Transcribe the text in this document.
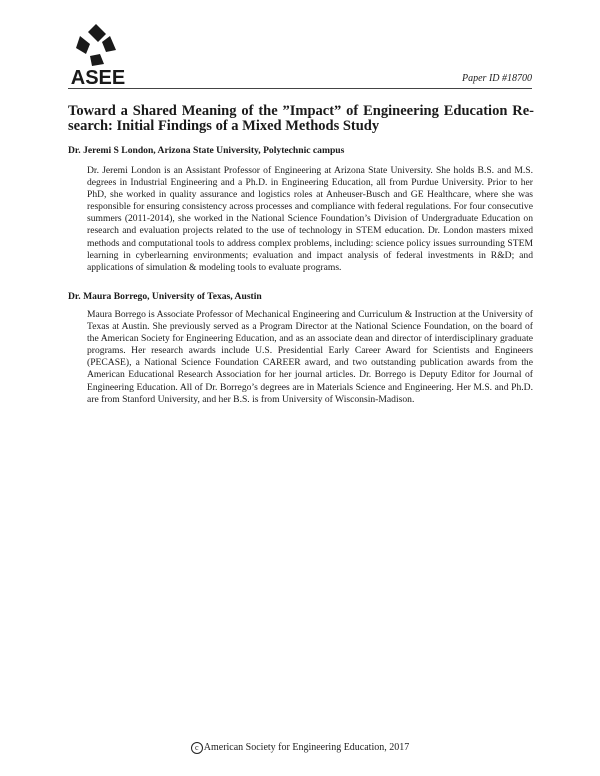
ASEE	Paper ID #18700
Toward a Shared Meaning of the ”Impact” of Engineering Education Re-search: Initial Findings of a Mixed Methods Study
Dr. Jeremi S London, Arizona State University, Polytechnic campus

Dr. Jeremi London is an Assistant Professor of Engineering at Arizona State University. She holds B.S. and M.S. degrees in Industrial Engineering and a Ph.D. in Engineering Education, all from Purdue University. Prior to her PhD, she worked in quality assurance and logistics roles at Anheuser-Busch and GE Healthcare, where she was responsible for ensuring consistency across processes and compliance with federal regulations. For four consecutive summers (2011-2014), she worked in the National Science Foundation’s Division of Undergraduate Education on research and evaluation projects related to the use of technology in STEM education. Dr. London masters mixed methods and computational tools to address complex problems, including: science policy issues surrounding STEM learning in cyberlearning environments; evaluation and impact analysis of federal investments in R&D; and applications of simulation & modeling tools to evaluate programs.

Dr. Maura Borrego, University of Texas, Austin

Maura Borrego is Associate Professor of Mechanical Engineering and Curriculum & Instruction at the University of Texas at Austin. She previously served as a Program Director at the National Science Foundation, on the board of the American Society for Engineering Education, and as an associate dean and director of interdisciplinary graduate programs. Her research awards include U.S. Presidential Early Career Award for Scientists and Engineers (PECASE), a National Science Foundation CAREER award, and two outstanding publication awards from the American Educational Research Association for her journal articles. Dr. Borrego is Deputy Editor for Journal of Engineering Education. All of Dr. Borrego’s degrees are in Materials Science and Engineering. Her M.S. and Ph.D. are from Stanford University, and her B.S. is from University of Wisconsin-Madison.

c American Society for Engineering Education, 2017
